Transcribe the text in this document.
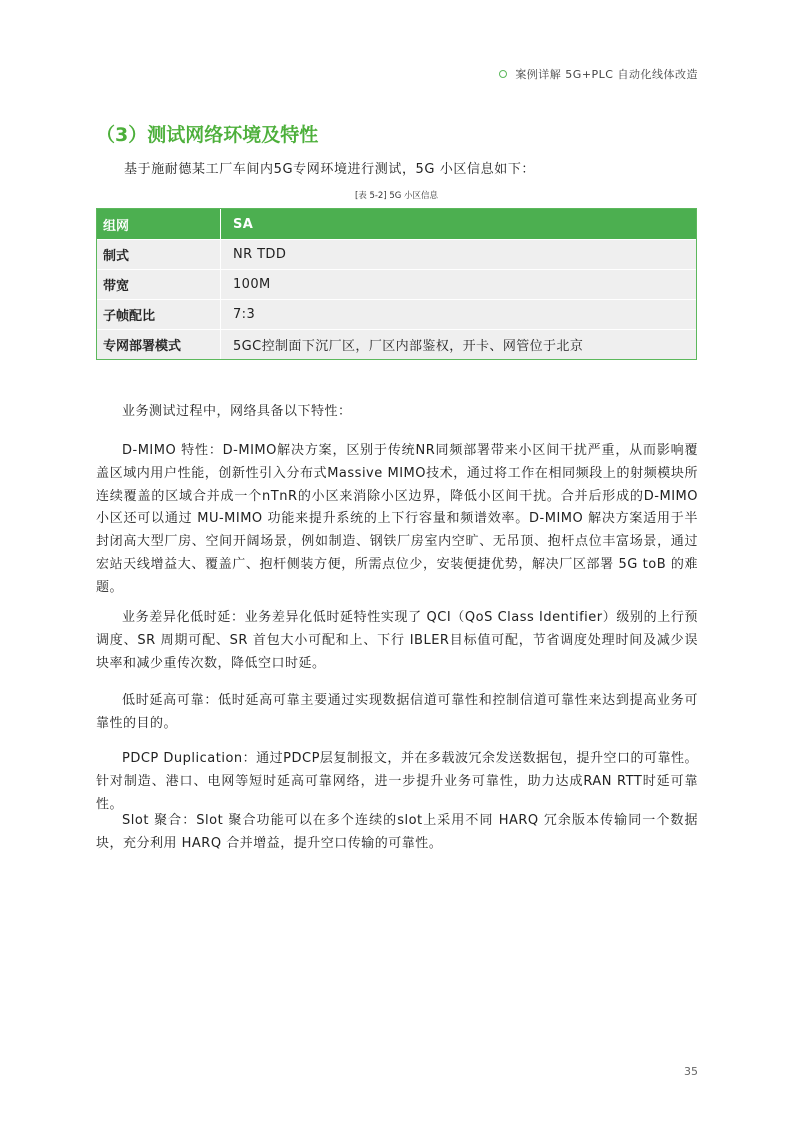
案例详解 5G+PLC 自动化线体改造
（3）测试网络环境及特性
基于施耐德某工厂车间内5G专网环境进行测试，5G 小区信息如下：
[表 5-2] 5G 小区信息
组网	SA
制式	NR TDD
带宽	100M
子帧配比	7:3
专网部署模式	5GC控制面下沉厂区，厂区内部鉴权，开卡、网管位于北京

业务测试过程中，网络具备以下特性：

D-MIMO 特性：D-MIMO解决方案，区别于传统NR同频部署带来小区间干扰严重，从而影响覆盖区域内用户性能，创新性引入分布式Massive MIMO技术，通过将工作在相同频段上的射频模块所连续覆盖的区域合并成一个nTnR的小区来消除小区边界，降低小区间干扰。合并后形成的D-MIMO 小区还可以通过 MU-MIMO 功能来提升系统的上下行容量和频谱效率。D-MIMO 解决方案适用于半封闭高大型厂房、空间开阔场景，例如制造、钢铁厂房室内空旷、无吊顶、抱杆点位丰富场景，通过宏站天线增益大、覆盖广、抱杆侧装方便，所需点位少，安装便捷优势，解决厂区部署 5G toB 的难题。

业务差异化低时延：业务差异化低时延特性实现了 QCI（QoS Class Identifier）级别的上行预调度、SR 周期可配、SR 首包大小可配和上、下行 IBLER目标值可配，节省调度处理时间及减少误块率和减少重传次数，降低空口时延。

低时延高可靠：低时延高可靠主要通过实现数据信道可靠性和控制信道可靠性来达到提高业务可靠性的目的。

PDCP Duplication：通过PDCP层复制报文，并在多载波冗余发送数据包，提升空口的可靠性。针对制造、港口、电网等短时延高可靠网络，进一步提升业务可靠性，助力达成RAN RTT时延可靠性。

Slot 聚合：Slot 聚合功能可以在多个连续的slot上采用不同 HARQ 冗余版本传输同一个数据块，充分利用 HARQ 合并增益，提升空口传输的可靠性。

35
